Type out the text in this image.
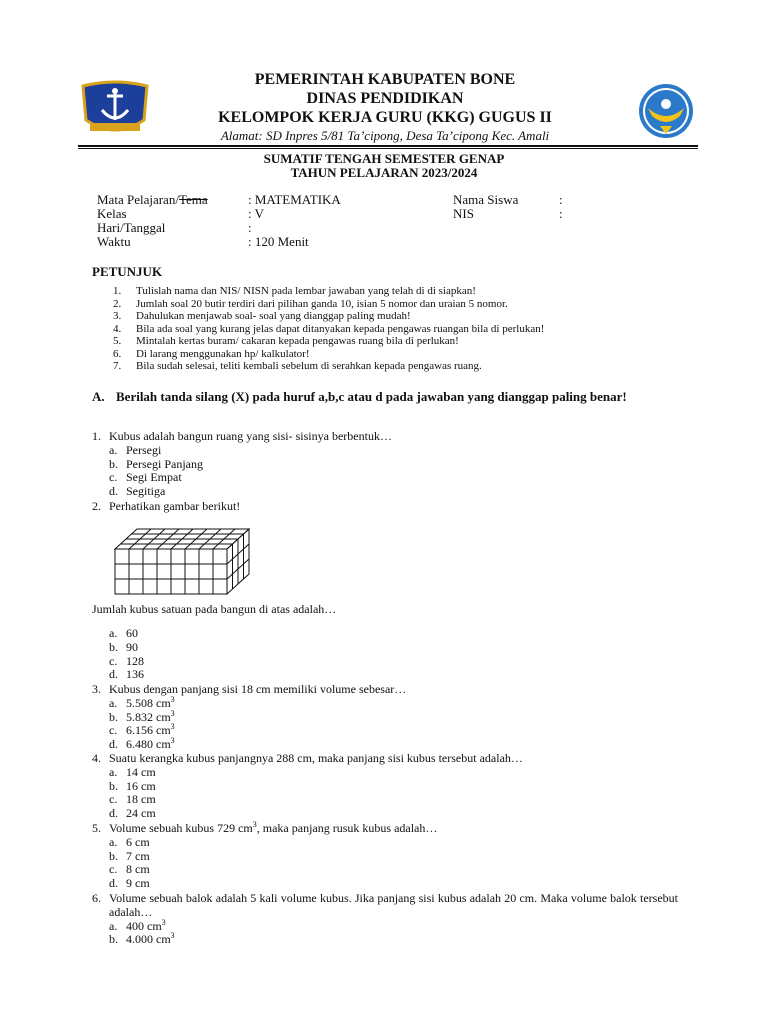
PEMERINTAH KABUPATEN BONE
DINAS PENDIDIKAN
KELOMPOK KERJA GURU (KKG) GUGUS II
Alamat: SD Inpres 5/81 Ta’cipong, Desa Ta’cipong Kec. Amali
SUMATIF TENGAH SEMESTER GENAP
TAHUN PELAJARAN 2023/2024
Mata Pelajaran/Tema
Kelas
Hari/Tanggal
Waktu
: MATEMATIKA
: V
:
: 120 Menit
Nama Siswa
NIS
:
:
PETUNJUK
1. Tulislah nama dan NIS/ NISN pada lembar jawaban yang telah di di siapkan!
2. Jumlah soal 20 butir terdiri dari pilihan ganda 10, isian 5 nomor dan uraian 5 nomor.
3. Dahulukan menjawab soal- soal yang dianggap paling mudah!
4. Bila ada soal yang kurang jelas dapat ditanyakan kepada pengawas ruangan bila di perlukan!
5. Mintalah kertas buram/ cakaran kepada pengawas ruang bila di perlukan!
6. Di larang menggunakan hp/ kalkulator!
7. Bila sudah selesai, teliti kembali sebelum di serahkan kepada pengawas ruang.
A. Berilah tanda silang (X) pada huruf a,b,c atau d pada jawaban yang dianggap paling benar!
1. Kubus adalah bangun ruang yang sisi- sisinya berbentuk…
a. Persegi
b. Persegi Panjang
c. Segi Empat
d. Segitiga
2. Perhatikan gambar berikut!
Jumlah kubus satuan pada bangun di atas adalah…
a. 60
b. 90
c. 128
d. 136
3. Kubus dengan panjang sisi 18 cm memiliki volume sebesar…
a. 5.508 $cm^3$
b. 5.832 $cm^3$
c. 6.156 $cm^3$
d. 6.480 $cm^3$
4. Suatu kerangka kubus panjangnya 288 cm, maka panjang sisi kubus tersebut adalah…
a. 14 cm
b. 16 cm
c. 18 cm
d. 24 cm
5. Volume sebuah kubus 729 $cm^3$, maka panjang rusuk kubus adalah…
a. 6 cm
b. 7 cm
c. 8 cm
d. 9 cm
6. Volume sebuah balok adalah 5 kali volume kubus. Jika panjang sisi kubus adalah 20 cm. Maka volume balok tersebut adalah…
a. 400 $cm^3$
b. 4.000 $cm^3$
